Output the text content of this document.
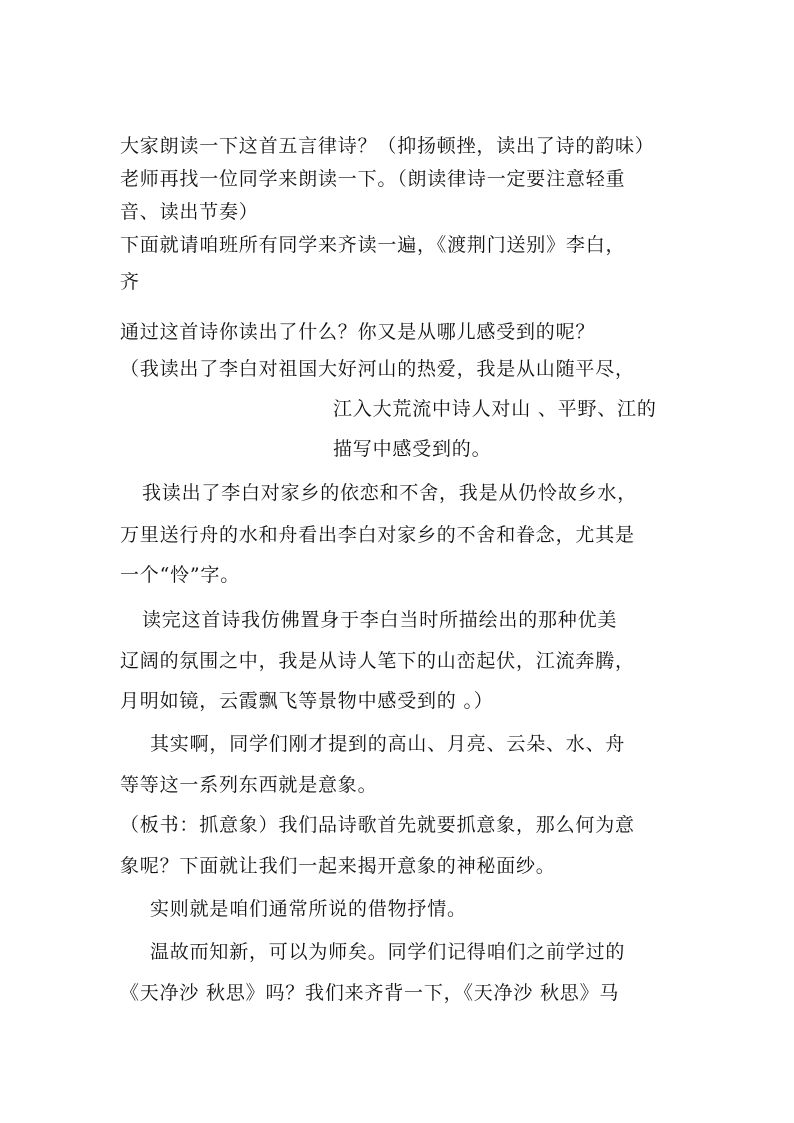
大家朗读一下这首五言律诗？（抑扬顿挫，读出了诗的韵味）
老师再找一位同学来朗读一下。（朗读律诗一定要注意轻重
音、读出节奏）
下面就请咱班所有同学来齐读一遍，《渡荆门送别》李白，
齐
通过这首诗你读出了什么？你又是从哪儿感受到的呢？
（我读出了李白对祖国大好河山的热爱，我是从山随平尽，
江入大荒流中诗人对山 、平野、江的
描写中感受到的。
我读出了李白对家乡的依恋和不舍，我是从仍怜故乡水，
万里送行舟的水和舟看出李白对家乡的不舍和眷念，尤其是
一个“怜”字。
读完这首诗我仿佛置身于李白当时所描绘出的那种优美
辽阔的氛围之中，我是从诗人笔下的山峦起伏，江流奔腾，
月明如镜，云霞飘飞等景物中感受到的 。）
其实啊，同学们刚才提到的高山、月亮、云朵、水、舟
等等这一系列东西就是意象。
（板书：抓意象）我们品诗歌首先就要抓意象，那么何为意
象呢？下面就让我们一起来揭开意象的神秘面纱。
实则就是咱们通常所说的借物抒情。
温故而知新，可以为师矣。同学们记得咱们之前学过的
《天净沙 秋思》吗？我们来齐背一下，《天净沙 秋思》马
